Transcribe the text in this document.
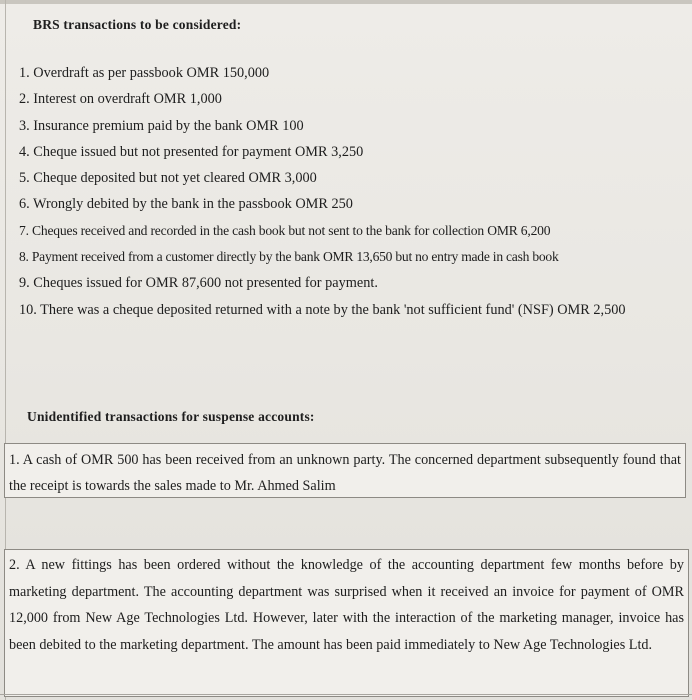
BRS transactions to be considered:
1. Overdraft as per passbook OMR 150,000
2. Interest on overdraft OMR 1,000
3. Insurance premium paid by the bank OMR 100
4. Cheque issued but not presented for payment OMR 3,250
5. Cheque deposited but not yet cleared OMR 3,000
6. Wrongly debited by the bank in the passbook OMR 250
7. Cheques received and recorded in the cash book but not sent to the bank for collection OMR 6,200
8. Payment received from a customer directly by the bank OMR 13,650 but no entry made in cash book
9. Cheques issued for OMR 87,600 not presented for payment.
10. There was a cheque deposited returned with a note by the bank 'not sufficient fund' (NSF) OMR 2,500
Unidentified transactions for suspense accounts:

1. A cash of OMR 500 has been received from an unknown party. The concerned department subsequently found that the receipt is towards the sales made to Mr. Ahmed Salim

2. A new fittings has been ordered without the knowledge of the accounting department few months before by marketing department. The accounting department was surprised when it received an invoice for payment of OMR 12,000 from New Age Technologies Ltd. However, later with the interaction of the marketing manager, invoice has been debited to the marketing department. The amount has been paid immediately to New Age Technologies Ltd.
